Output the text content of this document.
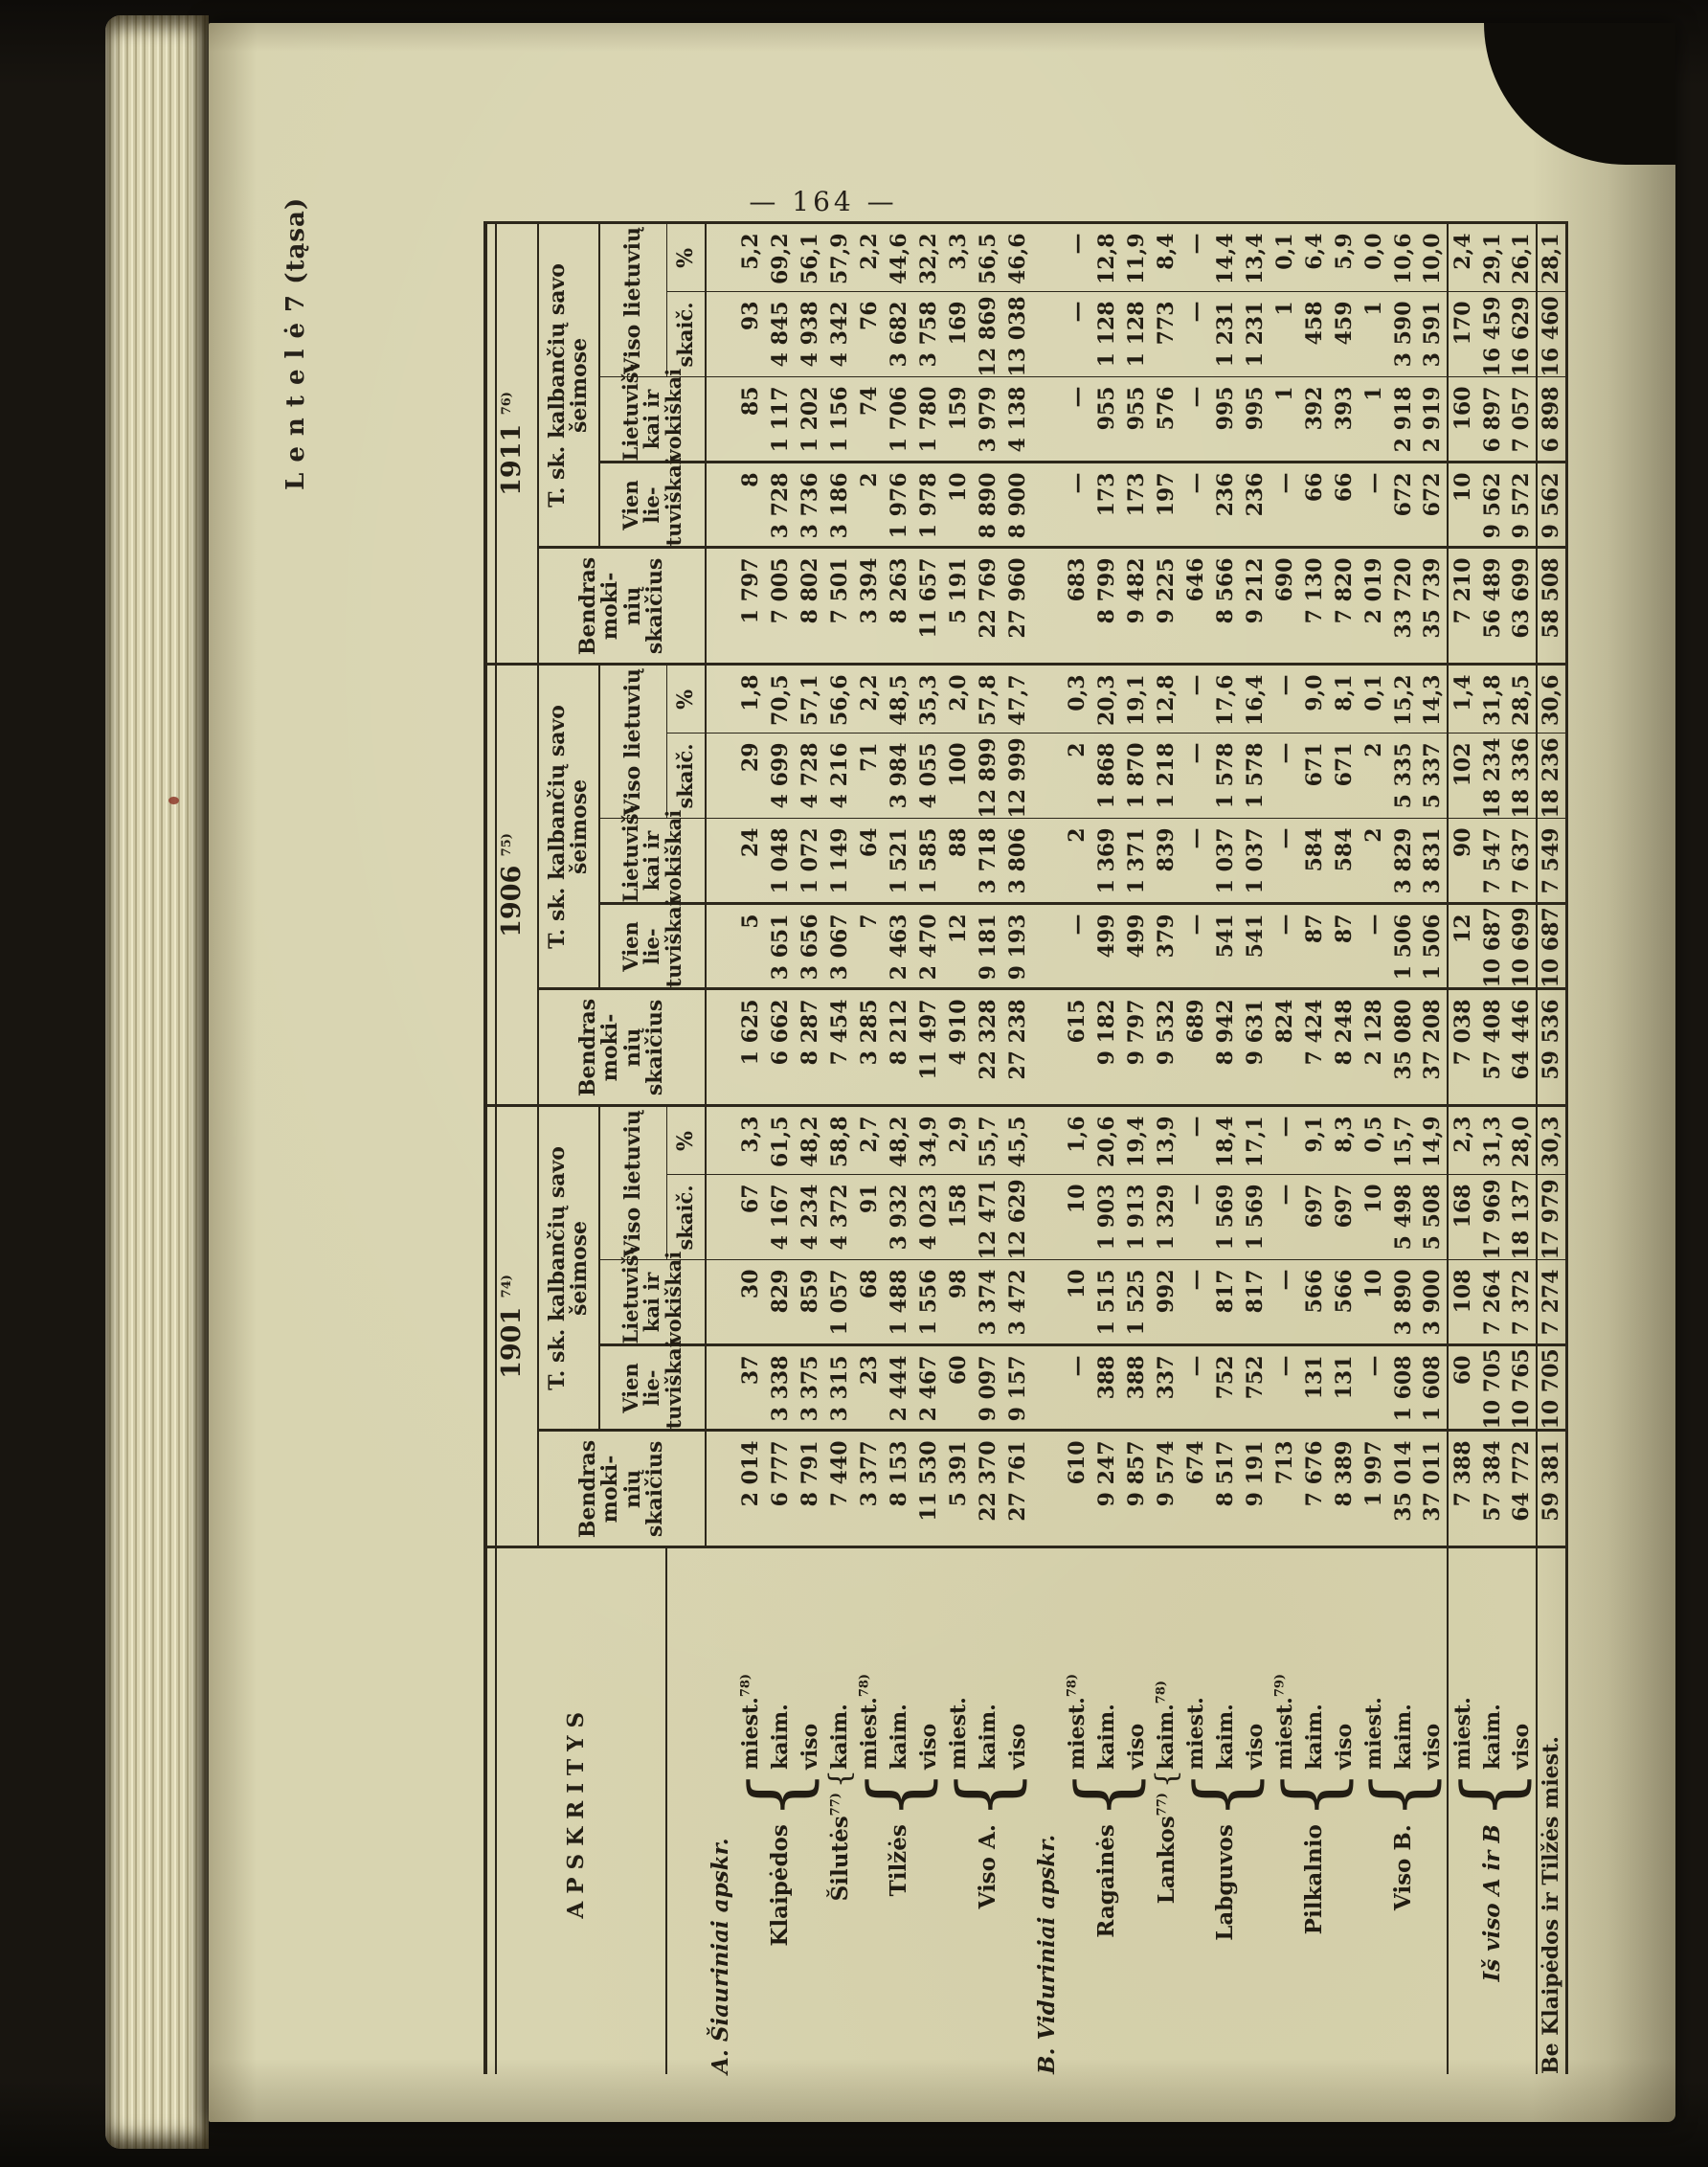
— 164 —
L e n t e l ė 7 (tąsa)
APSKRITYS		1901 $^{74)}$					1906 $^{75)}$					1911 $^{76)}$
		Bendras moki-
nių skaičius	T. sk. kalbančių savo
šeimose				Bendras moki-
nių skaičius	T. sk. kalbančių savo
šeimose				Bendras moki-
nių skaičius	T. sk. kalbančių savo
šeimose			
			Vien lie-
tuviškai	Lietuviš-
kai ir
vokiškai	Viso lietuvių			Vien lie-
tuviškai	Lietuviš-
kai ir
vokiškai	Viso lietuvių			Vien lie-
tuviškai	Lietuviš-
kai ir
vokiškai	Viso lietuvių	
					skaič.	%				skaič.	%				skaič.	%
A. Šiauriniai apskr.																
Klaipėdos{	miest.$^{78)}$	2 014	37	30	67	3,3	1 625	5	24	29	1,8	1 797	8	85	93	5,2
	kaim.	6 777	3 338	829	4 167	61,5	6 662	3 651	1 048	4 699	70,5	7 005	3 728	1 117	4 845	69,2
	viso	8 791	3 375	859	4 234	48,2	8 287	3 656	1 072	4 728	57,1	8 802	3 736	1 202	4 938	56,1
Šilutės$^{77)}${	kaim.	7 440	3 315	1 057	4 372	58,8	7 454	3 067	1 149	4 216	56,6	7 501	3 186	1 156	4 342	57,9
Tilžės{	miest.$^{78)}$	3 377	23	68	91	2,7	3 285	7	64	71	2,2	3 394	2	74	76	2,2
	kaim.	8 153	2 444	1 488	3 932	48,2	8 212	2 463	1 521	3 984	48,5	8 263	1 976	1 706	3 682	44,6
	viso	11 530	2 467	1 556	4 023	34,9	11 497	2 470	1 585	4 055	35,3	11 657	1 978	1 780	3 758	32,2
Viso A.{	miest.	5 391	60	98	158	2,9	4 910	12	88	100	2,0	5 191	10	159	169	3,3
	kaim.	22 370	9 097	3 374	12 471	55,7	22 328	9 181	3 718	12 899	57,8	22 769	8 890	3 979	12 869	56,5
	viso	27 761	9 157	3 472	12 629	45,5	27 238	9 193	3 806	12 999	47,7	27 960	8 900	4 138	13 038	46,6
B. Viduriniai apskr.																
Ragainės{	miest.$^{78)}$	610	—	10	10	1,6	615	—	2	2	0,3	683	—	—	—	—
	kaim.	9 247	388	1 515	1 903	20,6	9 182	499	1 369	1 868	20,3	8 799	173	955	1 128	12,8
	viso	9 857	388	1 525	1 913	19,4	9 797	499	1 371	1 870	19,1	9 482	173	955	1 128	11,9
Lankos$^{77)}${	kaim.$^{78)}$	9 574	337	992	1 329	13,9	9 532	379	839	1 218	12,8	9 225	197	576	773	8,4
Labguvos{	miest.	674	—	—	—	—	689	—	—	—	—	646	—	—	—	—
	kaim.	8 517	752	817	1 569	18,4	8 942	541	1 037	1 578	17,6	8 566	236	995	1 231	14,4
	viso	9 191	752	817	1 569	17,1	9 631	541	1 037	1 578	16,4	9 212	236	995	1 231	13,4
Pilkalnio{	miest.$^{79)}$	713	—	—	—	—	824	—	—	—	—	690	—	1	1	0,1
	kaim.	7 676	131	566	697	9,1	7 424	87	584	671	9,0	7 130	66	392	458	6,4
	viso	8 389	131	566	697	8,3	8 248	87	584	671	8,1	7 820	66	393	459	5,9
Viso B.{	miest.	1 997	—	10	10	0,5	2 128	—	2	2	0,1	2 019	—	1	1	0,0
	kaim.	35 014	1 608	3 890	5 498	15,7	35 080	1 506	3 829	5 335	15,2	33 720	672	2 918	3 590	10,6
	viso	37 011	1 608	3 900	5 508	14,9	37 208	1 506	3 831	5 337	14,3	35 739	672	2 919	3 591	10,0
Iš viso A ir B{	miest.	7 388	60	108	168	2,3	7 038	12	90	102	1,4	7 210	10	160	170	2,4
	kaim.	57 384	10 705	7 264	17 969	31,3	57 408	10 687	7 547	18 234	31,8	56 489	9 562	6 897	16 459	29,1
	viso	64 772	10 765	7 372	18 137	28,0	64 446	10 699	7 637	18 336	28,5	63 699	9 572	7 057	16 629	26,1
Be Klaipėdos ir Tilžės miest.		59 381	10 705	7 274	17 979	30,3	59 536	10 687	7 549	18 236	30,6	58 508	9 562	6 898	16 460	28,1
